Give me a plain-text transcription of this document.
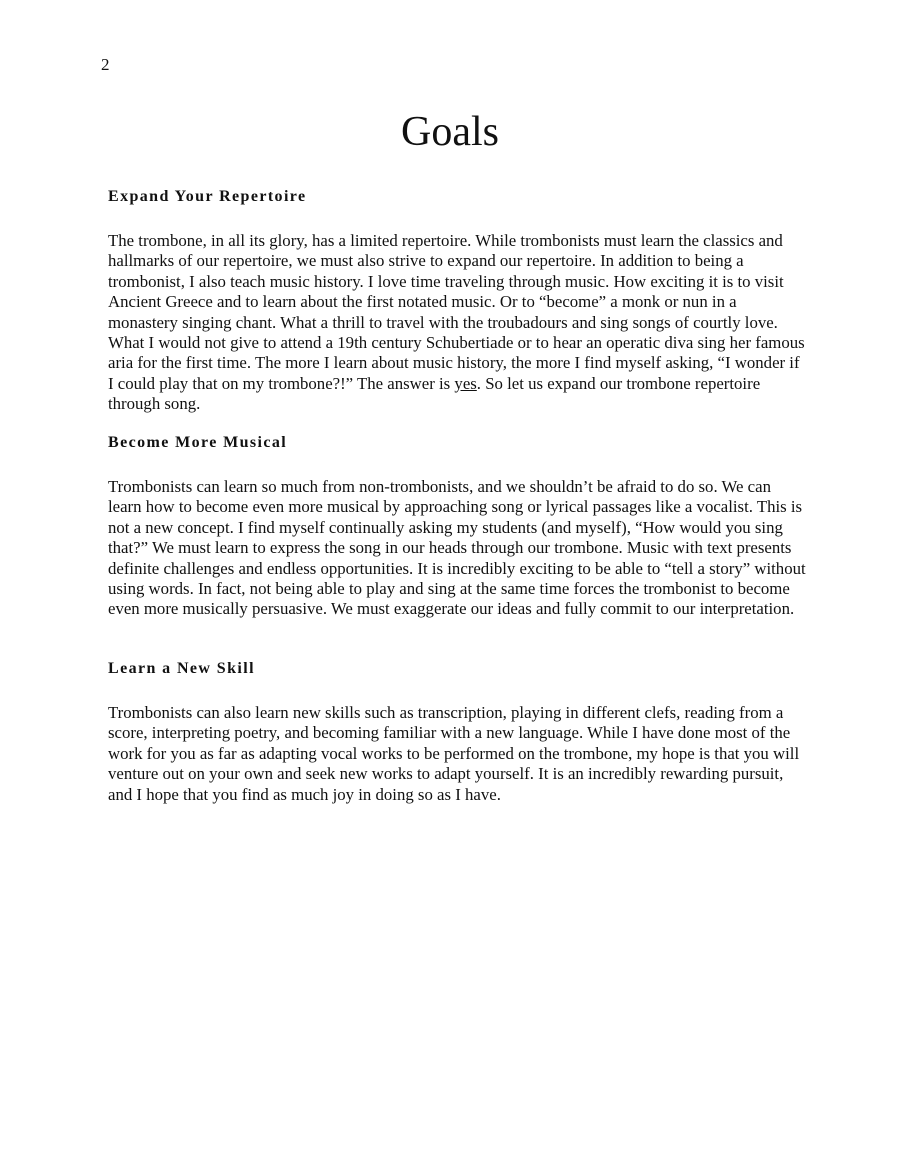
2
Goals
Expand Your Repertoire

The trombone, in all its glory, has a limited repertoire. While trombonists must learn the classics and hallmarks of our repertoire, we must also strive to expand our repertoire. In addition to being a trombonist, I also teach music history. I love time traveling through music. How exciting it is to visit Ancient Greece and to learn about the first notated music. Or to “become” a monk or nun in a monastery singing chant. What a thrill to travel with the troubadours and sing songs of courtly love. What I would not give to attend a 19th century Schubertiade or to hear an operatic diva sing her famous aria for the first time. The more I learn about music history, the more I find myself asking, “I wonder if I could play that on my trombone?!” The answer is yes. So let us expand our trombone repertoire through song.

Become More Musical

Trombonists can learn so much from non-trombonists, and we shouldn’t be afraid to do so. We can learn how to become even more musical by approaching song or lyrical passages like a vocalist. This is not a new concept. I find myself continually asking my students (and myself), “How would you sing that?” We must learn to express the song in our heads through our trombone. Music with text presents definite challenges and endless opportunities. It is incredibly exciting to be able to “tell a story” without using words. In fact, not being able to play and sing at the same time forces the trombonist to become even more musically persuasive. We must exaggerate our ideas and fully commit to our interpretation.

Learn a New Skill

Trombonists can also learn new skills such as transcription, playing in different clefs, reading from a score, interpreting poetry, and becoming familiar with a new language. While I have done most of the work for you as far as adapting vocal works to be performed on the trombone, my hope is that you will venture out on your own and seek new works to adapt yourself. It is an incredibly rewarding pursuit, and I hope that you find as much joy in doing so as I have.
